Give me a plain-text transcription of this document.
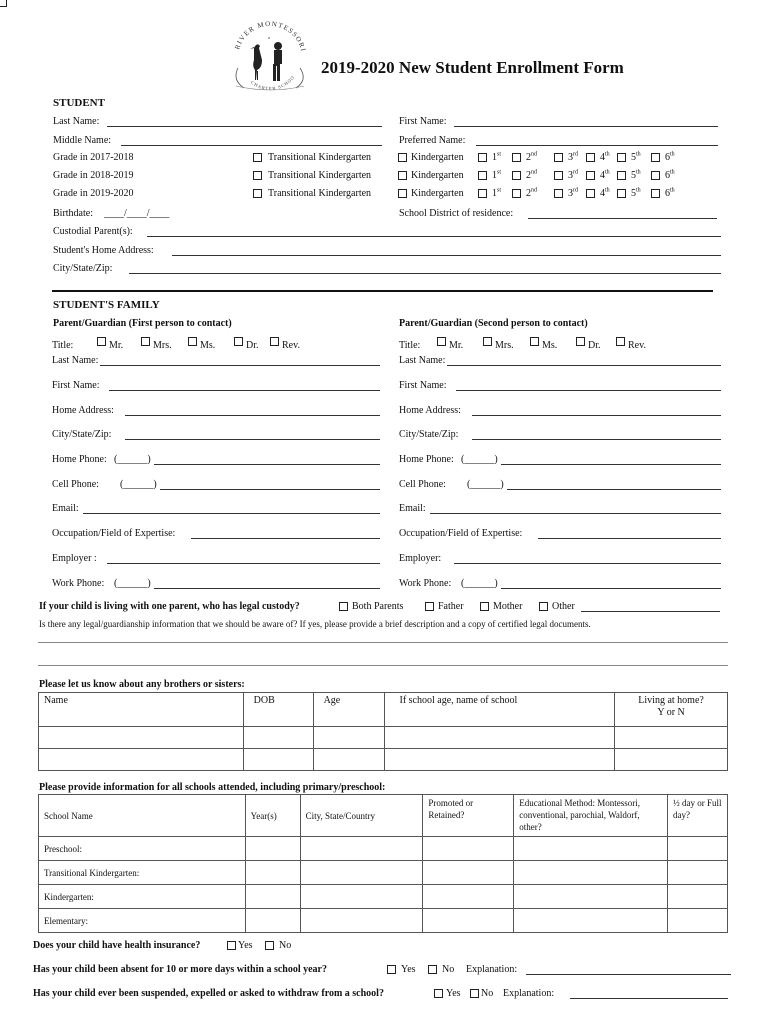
RIVER MONTESSORI
CHARTER SCHOO
2019-2020 New Student Enrollment Form
STUDENT
Last Name:	First Name:
Middle Name:	Preferred Name:
Grade in 2017-2018	Transitional Kindergarten	Kindergarten	1st 2nd	3rd 4th 5th 6th
Grade in 2018-2019	Transitional Kindergarten	Kindergarten	1st 2nd	3rd 4th 5th 6th
Grade in 2019-2020	Transitional Kindergarten	Kindergarten	1st 2nd	3rd 4th 5th 6th
Birthdate: ____/____/____	School District of residence:
Custodial Parent(s):
Student's Home Address:
City/State/Zip:
STUDENT'S FAMILY
Parent/Guardian (First person to contact)	Parent/Guardian (Second person to contact)
Title:	Mr.	Mrs.	Ms.	Dr. Rev.
Last Name:
First Name:
Home Address:
City/State/Zip:
Home Phone: (______)
Cell Phone: (______)
Email:
Occupation/Field of Expertise:
Employer :
Work Phone: (______)
Title:	Mr.	Mrs.	Ms.	Dr.	Rev.
Last Name:
First Name:
Home Address:
City/State/Zip:
Home Phone: (______)
Cell Phone: (______)
Email:
Occupation/Field of Expertise:
Employer:
Work Phone: (______)
If your child is living with one parent, who has legal custody?	Both Parents	Father	Mother	Other
Is there any legal/guardianship information that we should be aware of? If yes, please provide a brief description and a copy of certified legal documents.
Please let us know about any brothers or sisters:
Name	DOB	Age	If school age, name of school	Living at home?
Y or N

Please provide information for all schools attended, including primary/preschool:
School Name	Year(s)	City, State/Country	Promoted or Retained?	Educational Method: Montessori, conventional, parochial, Waldorf, other?	½ day or Full day?
Preschool:					
Transitional Kindergarten:					
Kindergarten:					
Elementary:					
Does your child have health insurance?	Yes	No
Has your child been absent for 10 or more days within a school year?	Yes	No Explanation:
Has your child ever been suspended, expelled or asked to withdraw from a school?	Yes No Explanation:
